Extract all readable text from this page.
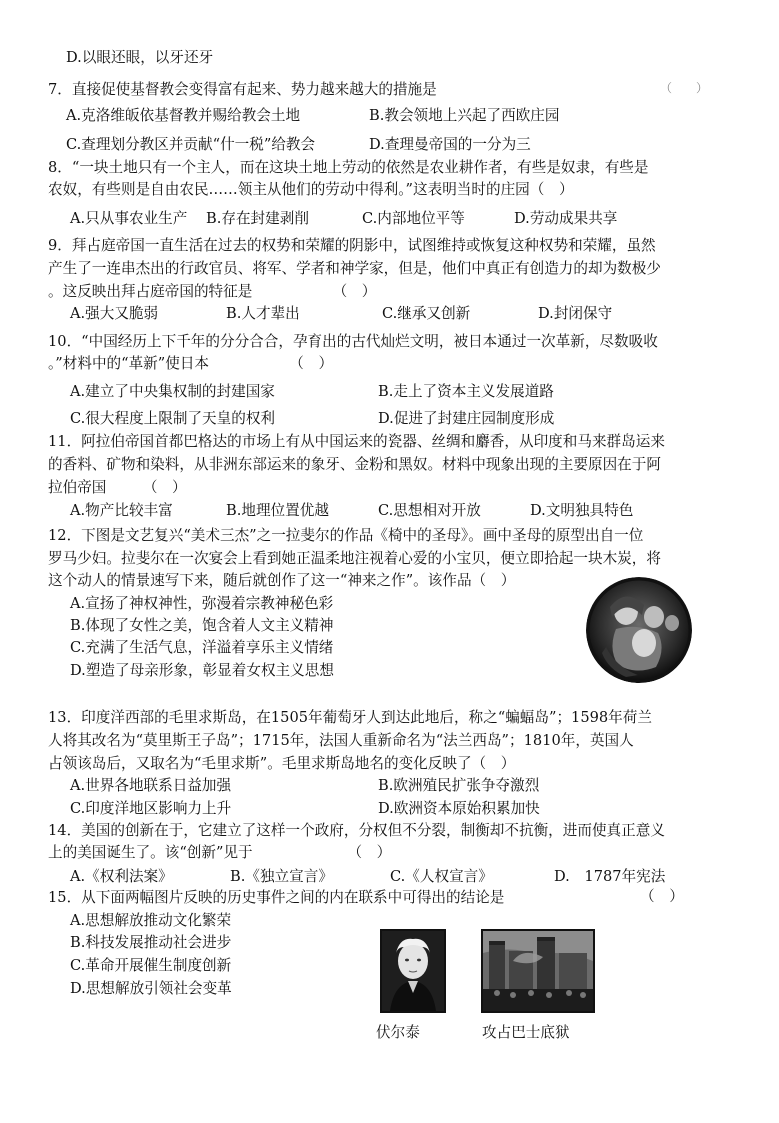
D.以眼还眼，以牙还牙
7．直接促使基督教会变得富有起来、势力越来越大的措施是	（　　）
A.克洛维皈依基督教并赐给教会土地	B.教会领地上兴起了西欧庄园
C.查理划分教区并贡献“什一税”给教会	D.查理曼帝国的一分为三
8．“一块土地只有一个主人，而在这块土地上劳动的依然是农业耕作者，有些是奴隶，有些是
农奴，有些则是自由农民……领主从他们的劳动中得利。”这表明当时的庄园（　）
A.只从事农业生产 B.存在封建剥削	C.内部地位平等	D.劳动成果共享
9．拜占庭帝国一直生活在过去的权势和荣耀的阴影中，试图维持或恢复这种权势和荣耀，虽然
产生了一连串杰出的行政官员、将军、学者和神学家，但是，他们中真正有创造力的却为数极少
。这反映出拜占庭帝国的特征是　　　　　　（　）
A.强大又脆弱	B.人才辈出	C.继承又创新	D.封闭保守
10．“中国经历上下千年的分分合合，孕育出的古代灿烂文明，被日本通过一次革新，尽数吸收
。”材料中的“革新”使日本　　　　　　（　）
A.建立了中央集权制的封建国家	B.走上了资本主义发展道路
C.很大程度上限制了天皇的权利	D.促进了封建庄园制度形成
11．阿拉伯帝国首都巴格达的市场上有从中国运来的瓷器、丝绸和麝香，从印度和马来群岛运来
的香料、矿物和染料，从非洲东部运来的象牙、金粉和黑奴。材料中现象出现的主要原因在于阿
拉伯帝国　　　（　）
A.物产比较丰富	B.地理位置优越	C.思想相对开放	D.文明独具特色
12．下图是文艺复兴“美术三杰”之一拉斐尔的作品《椅中的圣母》。画中圣母的原型出自一位
罗马少妇。拉斐尔在一次宴会上看到她正温柔地注视着心爱的小宝贝，便立即拾起一块木炭，将
这个动人的情景速写下来，随后就创作了这一“神来之作”。该作品（　）
A.宣扬了神权神性，弥漫着宗教神秘色彩
B.体现了女性之美，饱含着人文主义精神
C.充满了生活气息，洋溢着享乐主义情绪
D.塑造了母亲形象，彰显着女权主义思想
13．印度洋西部的毛里求斯岛，在1505年葡萄牙人到达此地后，称之“蝙蝠岛”；1598年荷兰
人将其改名为“莫里斯王子岛”；1715年，法国人重新命名为“法兰西岛”；1810年，英国人
占领该岛后，又取名为“毛里求斯”。毛里求斯岛地名的变化反映了（　）
A.世界各地联系日益加强	B.欧洲殖民扩张争夺激烈
C.印度洋地区影响力上升	D.欧洲资本原始积累加快
14．美国的创新在于，它建立了这样一个政府，分权但不分裂，制衡却不抗衡，进而使真正意义
上的美国诞生了。该“创新”见于　　　　　　　（　）
A.《权利法案》	B.《独立宣言》	C.《人权宣言》	D.　1787年宪法
15．从下面两幅图片反映的历史事件之间的内在联系中可得出的结论是	（　）
A.思想解放推动文化繁荣
B.科技发展推动社会进步
C.革命开展催生制度创新
D.思想解放引领社会变革
伏尔泰	攻占巴士底狱
